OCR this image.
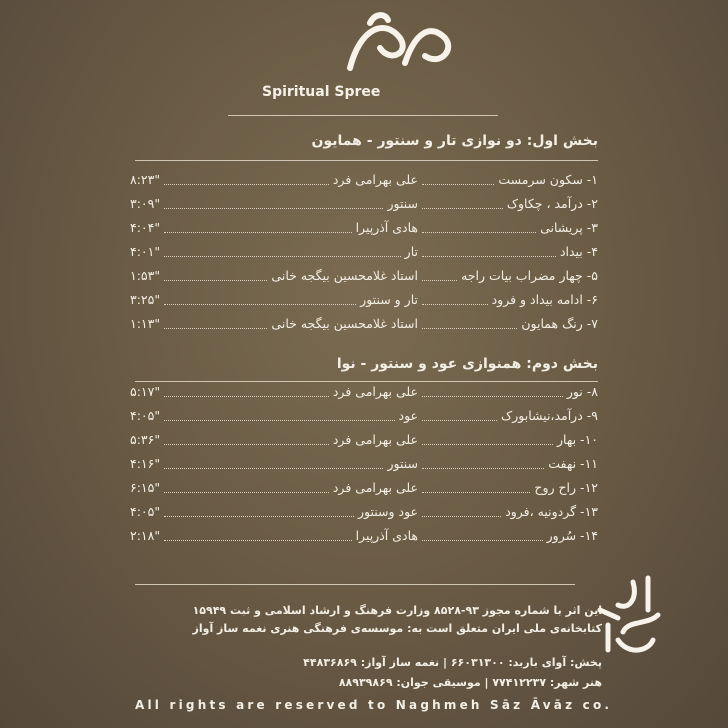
Spiritual Spree
بخش اول: دو نوازی تار و سنتور - همایون
۱- سکون سرمست
علی بهرامی فرد
۸:۲۳"
۲- درآمد ، چکاوک
سنتور
۳:۰۹"
۳- پریشانی
هادی آذرپیرا
۴:۰۴"
۴- بیداد
تار
۴:۰۱"
۵- چهار مضراب بیات راجه
استاد غلامحسین بیگجه خانی
۱:۵۳"
۶- ادامه بیداد و فرود
تار و سنتور
۳:۲۵"
۷- رنگ همایون
استاد غلامحسین بیگجه خانی
۱:۱۳"
بخش دوم: همنوازی عود و سنتور - نوا
۸- نور
علی بهرامی فرد
۵:۱۷"
۹- درآمد،نیشابورک
عود
۴:۰۵"
۱۰- بهار
علی بهرامی فرد
۵:۳۶"
۱۱- نهفت
سنتور
۴:۱۶"
۱۲- راح روح
علی بهرامی فرد
۶:۱۵"
۱۳- گردونیه ،فرود
عود وسنتور
۴:۰۵"
۱۴- سُرور
هادی آذرپیرا
۲:۱۸"
این اثر با شماره مجوز ۹۳-۸۵۲۸ وزارت فرهنگ و ارشاد اسلامی و ثبت ۱۵۹۴۹
کتابخانه‌ی ملی ایران متعلق است به: موسسه‌ی فرهنگی هنری نغمه ساز آواز
پخش: آوای باربد: ۶۶۰۳۱۳۰۰ | نغمه ساز آواز: ۴۴۸۳۶۸۶۹
هنر شهر: ۷۷۴۱۲۲۳۷ | موسیقی جوان: ۸۸۹۳۹۸۶۹
All rights are reserved to Naghmeh Sāz Āvāz co.
